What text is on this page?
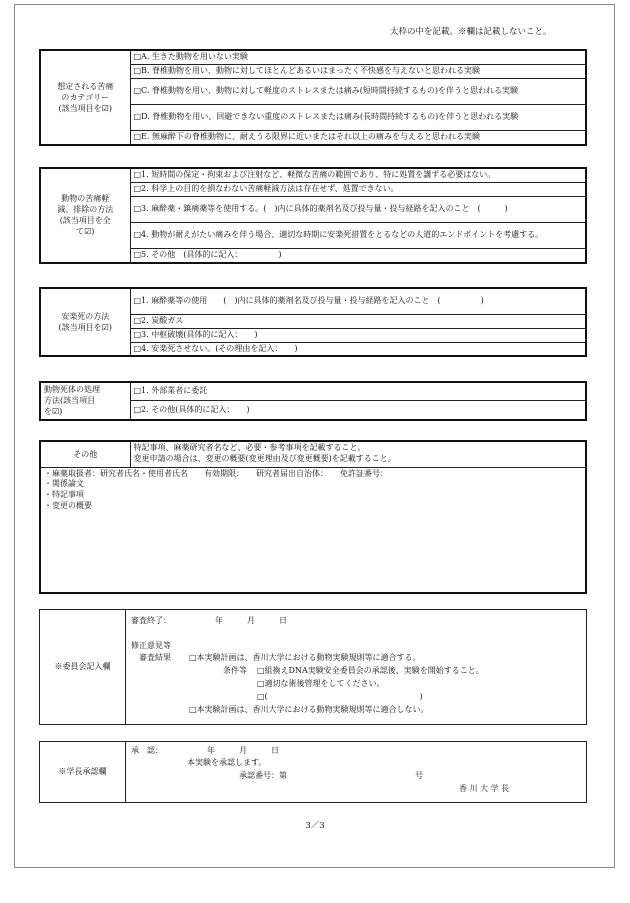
太枠の中を記載。※欄は記載しないこと。
想定される苦痛
のカテゴリー
(該当項目を☑)
	□A. 生きた動物を用いない実験
□B. 脊椎動物を用い、動物に対してほとんどあるいはまったく不快感を与えないと思われる実験
□C. 脊椎動物を用い、動物に対して軽度のストレスまたは痛み(短時間持続するもの)を伴うと思われる実験
□D. 脊椎動物を用い、回避できない重度のストレスまたは痛み(長時間持続するもの)を伴うと思われる実験
□E. 無麻酔下の脊椎動物に、耐えうる限界に近いまたはそれ以上の痛みを与えると思われる実験
動物の苦痛軽
減、排除の方法
(該当項目を全
て☑)
	□1. 短時間の保定・拘束および注射など、軽微な苦痛の範囲であり、特に処置を講ずる必要はない。
□2. 科学上の目的を損なわない苦痛軽減方法は存在せず、処置できない。
□3. 麻酔薬・鎮痛薬等を使用する。(　)内に具体的薬剤名及び投与量・投与経路を記入のこと　(　　　)
□4. 動物が耐えがたい痛みを伴う場合、適切な時期に安楽死措置をとるなどの人道的エンドポイントを考慮する。
□5. その他　(具体的に記入：　　　　　)
安楽死の方法
(該当項目を☑)
	□1. 麻酔薬等の使用　　(　)内に具体的薬剤名及び投与量・投与経路を記入のこと　(　　　　　)
□2. 炭酸ガス
□3. 中枢破壊(具体的に記入：　　)
□4. 安楽死させない。(その理由を記入：　　)
動物死体の処理
方法(該当項目
を☑)
	□1. 外部業者に委託
□2. その他(具体的に記入：　　)
その他	
特記事項、麻薬研究者名など、必要・参考事項を記載すること。
変更申請の場合は、変更の概要(変更理由及び変更概要)を記載すること。

・麻薬取扱者：研究者氏名・使用者氏名　　有効期限：　　研究者届出自治体：　　免許証番号：
・関係論文
・特記事項
・変更の概要
※委員会記入欄	
審査終了：　　　　　　年　　　月　　　日
修正意見等
審査結果 □本実験計画は、香川大学における動物実験規則等に適合する。
条件等 □組換えDNA実験安全委員会の承認後、実験を開始すること。
□適切な術後管理をしてください。
□(　　　　　　　　　　　　　　　　　　　)
□本実験計画は、香川大学における動物実験規則等に適合しない。
※学長承認欄	
承　認：　　　　　　年　　　月　　　日
本実験を承認します。
承認番号：第　　　　　　　　　　　　　　　　号
香 川 大 学 長
3／3
